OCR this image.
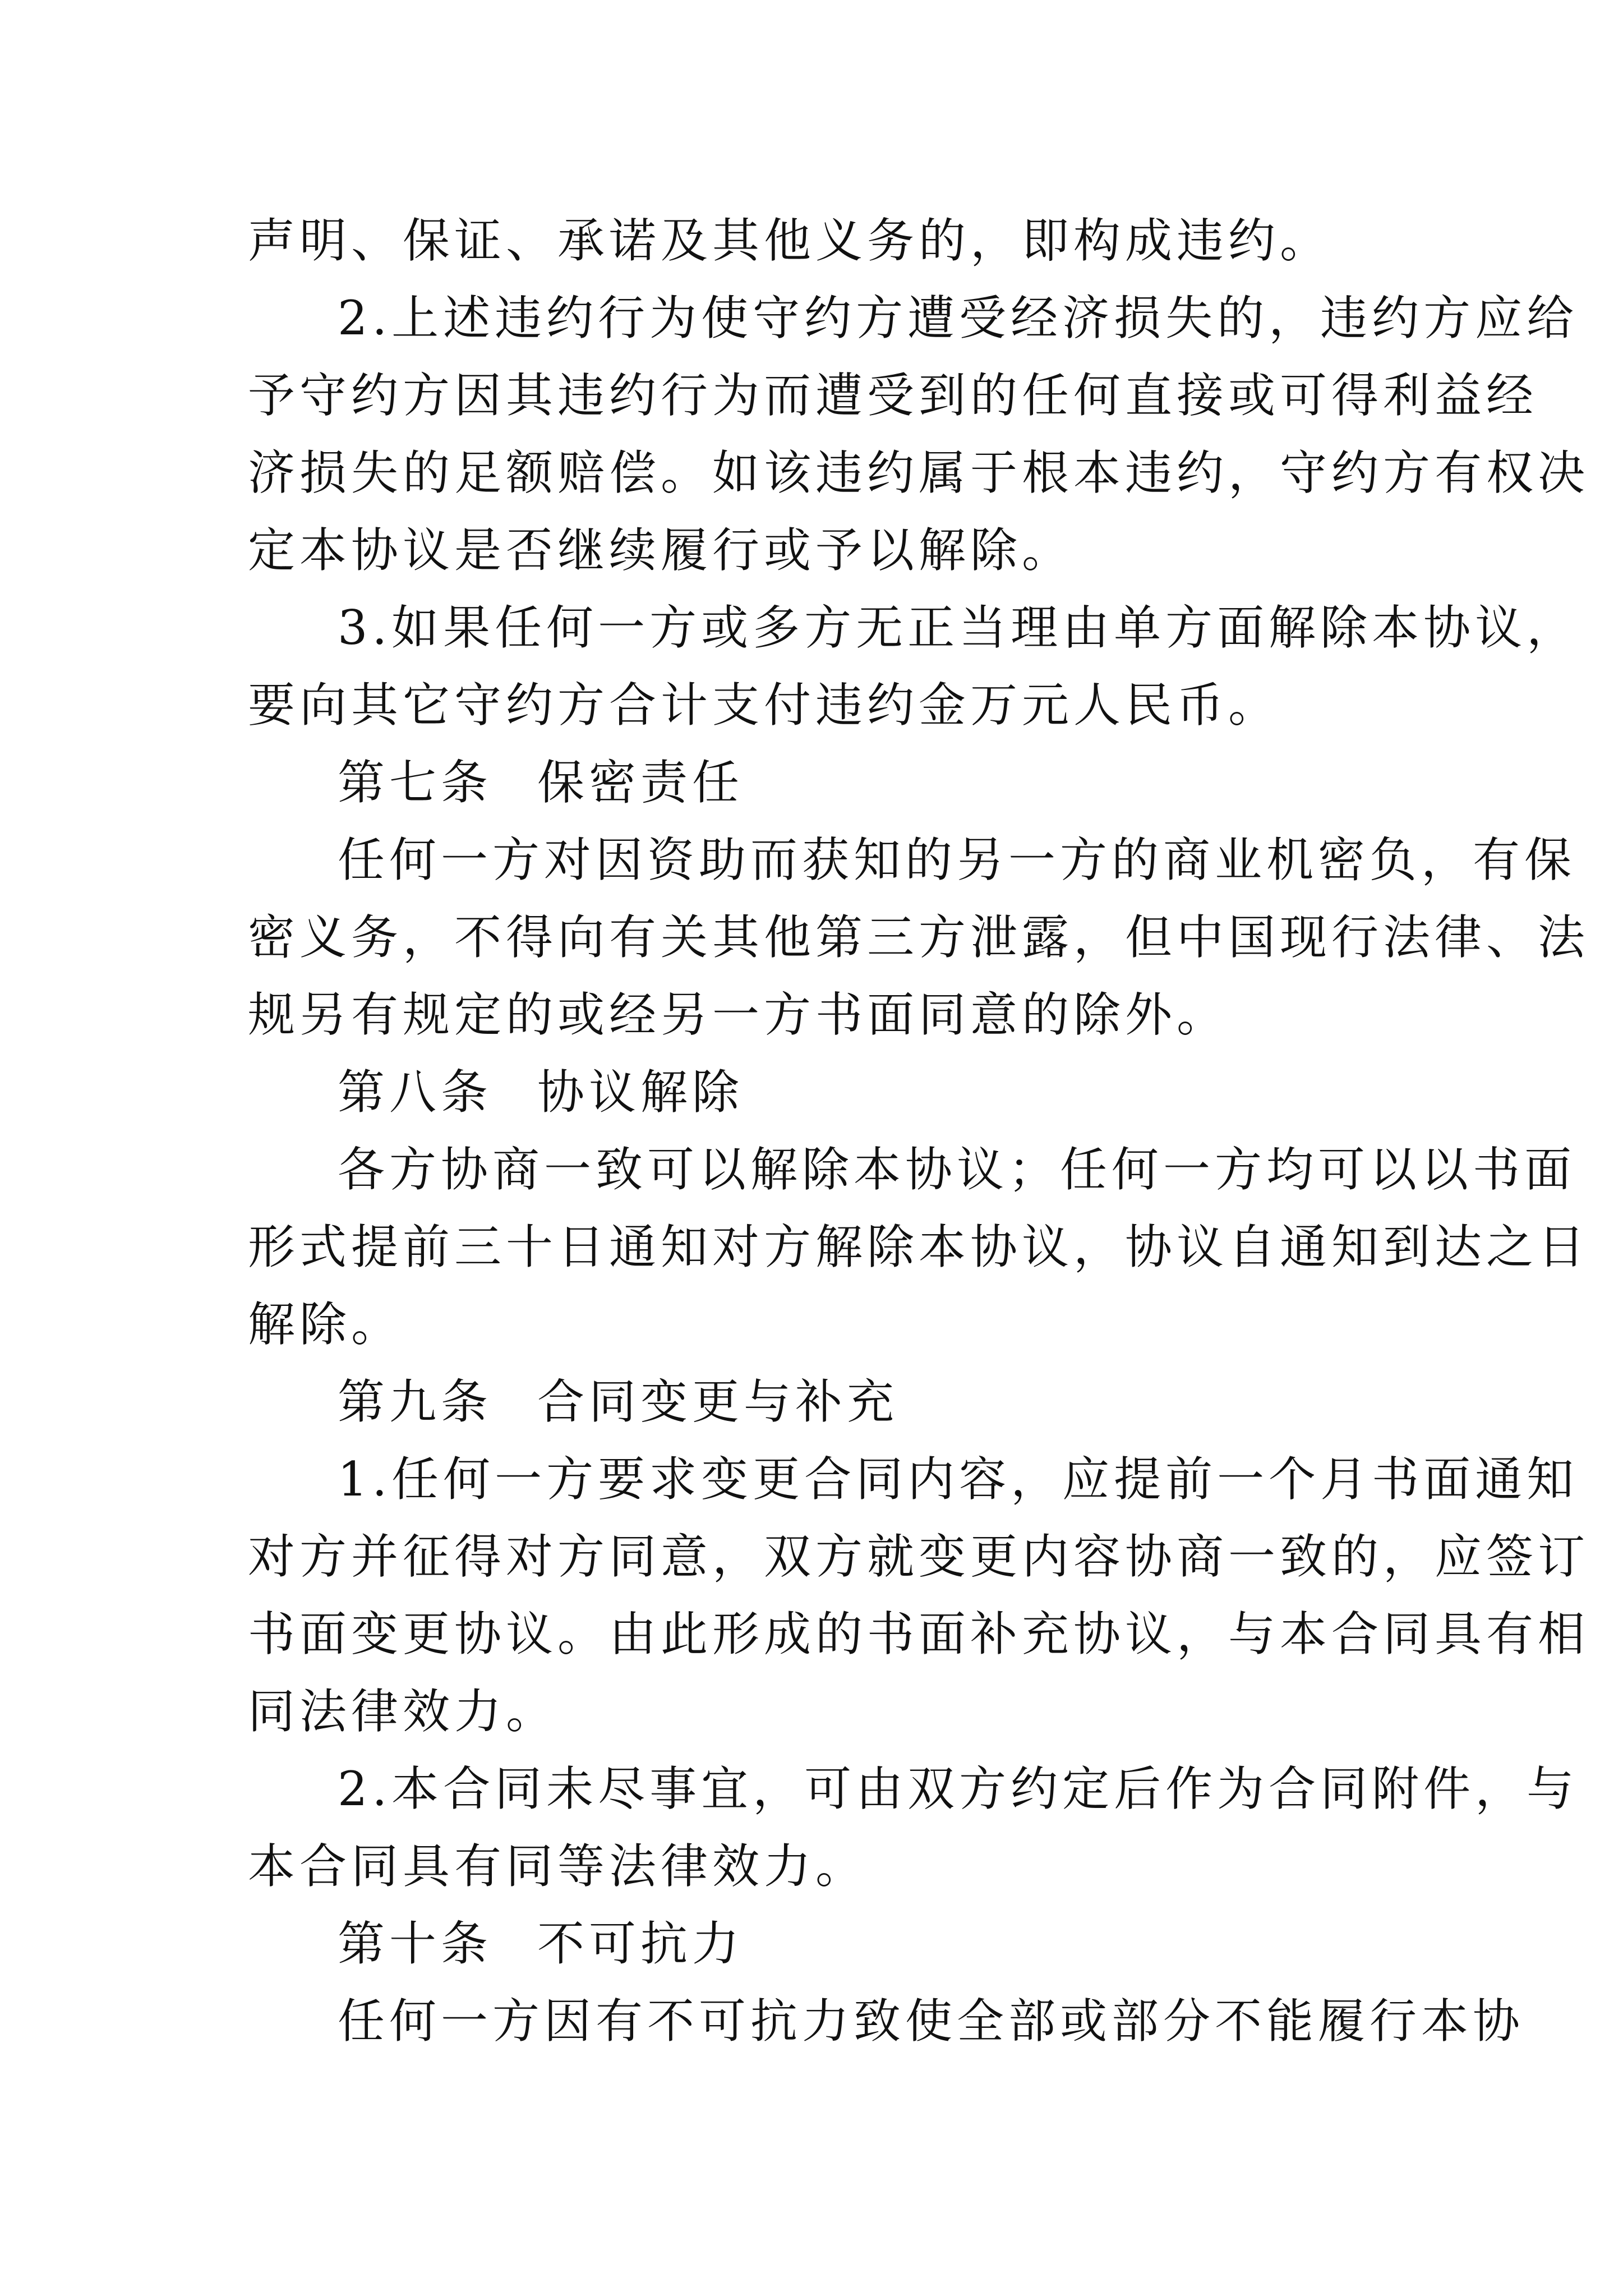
声明、保证、承诺及其他义务的，即构成违约。
2.上述违约行为使守约方遭受经济损失的，违约方应给
予守约方因其违约行为而遭受到的任何直接或可得利益经
济损失的足额赔偿。如该违约属于根本违约，守约方有权决
定本协议是否继续履行或予以解除。
3.如果任何一方或多方无正当理由单方面解除本协议，
要向其它守约方合计支付违约金万元人民币。
第七条 保密责任
任何一方对因资助而获知的另一方的商业机密负，有保
密义务，不得向有关其他第三方泄露，但中国现行法律、法
规另有规定的或经另一方书面同意的除外。
第八条 协议解除
各方协商一致可以解除本协议；任何一方均可以以书面
形式提前三十日通知对方解除本协议，协议自通知到达之日
解除。
第九条 合同变更与补充
1.任何一方要求变更合同内容，应提前一个月书面通知
对方并征得对方同意，双方就变更内容协商一致的，应签订
书面变更协议。由此形成的书面补充协议，与本合同具有相
同法律效力。
2.本合同未尽事宜，可由双方约定后作为合同附件，与
本合同具有同等法律效力。
第十条 不可抗力
任何一方因有不可抗力致使全部或部分不能履行本协
